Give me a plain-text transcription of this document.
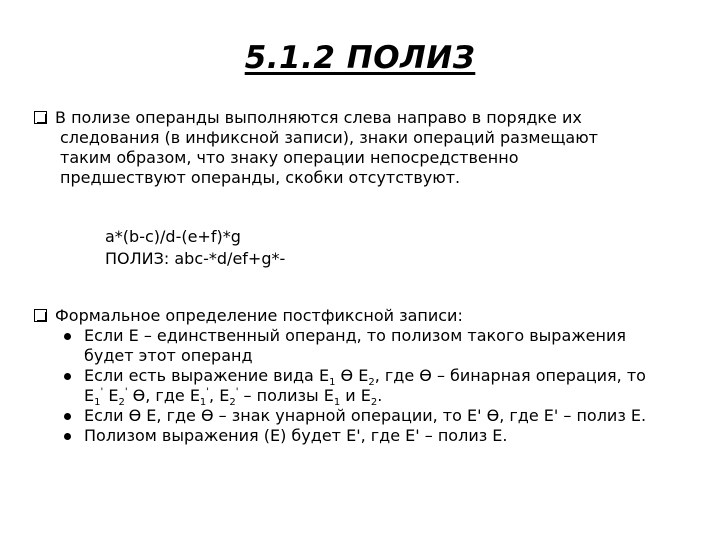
5.1.2 ПОЛИЗ
В полизе операнды выполняются слева направо в порядке их
следования (в инфиксной записи), знаки операций размещают
таким образом, что знаку операции непосредственно
предшествуют операнды, скобки отсутствуют.
a*(b-c)/d-(e+f)*g
ПОЛИЗ: abc-*d/ef+g*-
Формальное определение постфиксной записи:
Если Е – единственный операнд, то полизом такого выражения
будет этот операнд
Если есть выражение вида $Е_1$ Ө $Е_2$, где Ө – бинарная операция, то
$Е_1'$ $Е_2'$ Ө, где $Е_1'$, $Е_2'$ – полизы $Е_1$ и $Е_2$.
Если Ө Е, где Ө – знак унарной операции, то Е' Ө, где Е' – полиз Е.
Полизом выражения (Е) будет Е', где Е' – полиз Е.
